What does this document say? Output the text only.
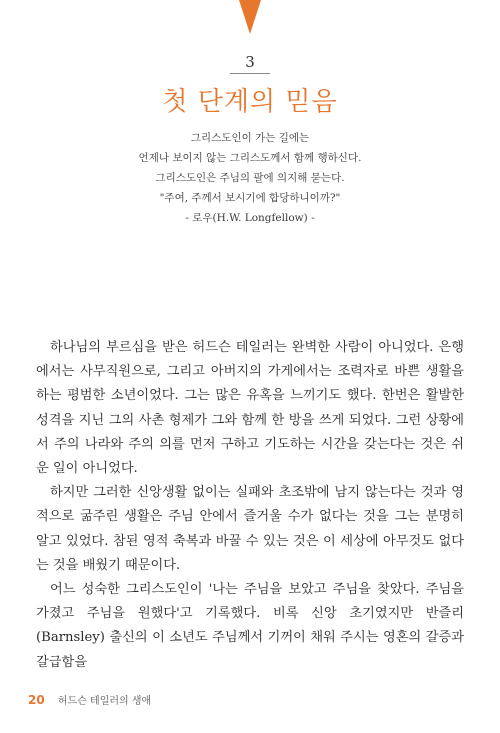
3
첫 단계의 믿음
그리스도인이 가는 길에는
언제나 보이지 않는 그리스도께서 함께 행하신다.
그리스도인은 주님의 팔에 의지해 묻는다.
"주여, 주께서 보시기에 합당하니이까?"
- 로우(H.W. Longfellow) -

하나님의 부르심을 받은 허드슨 테일러는 완벽한 사람이 아니었다. 은행에서는 사무직원으로, 그리고 아버지의 가게에서는 조력자로 바쁜 생활을 하는 평범한 소년이었다. 그는 많은 유혹을 느끼기도 했다. 한번은 활발한 성격을 지닌 그의 사촌 형제가 그와 함께 한 방을 쓰게 되었다. 그런 상황에서 주의 나라와 주의 의를 먼저 구하고 기도하는 시간을 갖는다는 것은 쉬운 일이 아니었다.

하지만 그러한 신앙생활 없이는 실패와 초조밖에 남지 않는다는 것과 영적으로 굶주린 생활은 주님 안에서 즐거울 수가 없다는 것을 그는 분명히 알고 있었다. 참된 영적 축복과 바꿀 수 있는 것은 이 세상에 아무것도 없다는 것을 배웠기 때문이다.

어느 성숙한 그리스도인이 '나는 주님을 보았고 주님을 찾았다. 주님을 가졌고 주님을 원했다'고 기록했다. 비록 신앙 초기였지만 반즐리(Barnsley) 출신의 이 소년도 주님께서 기꺼이 채워 주시는 영혼의 갈증과 갈급함을

20 허드슨 테일러의 생애
